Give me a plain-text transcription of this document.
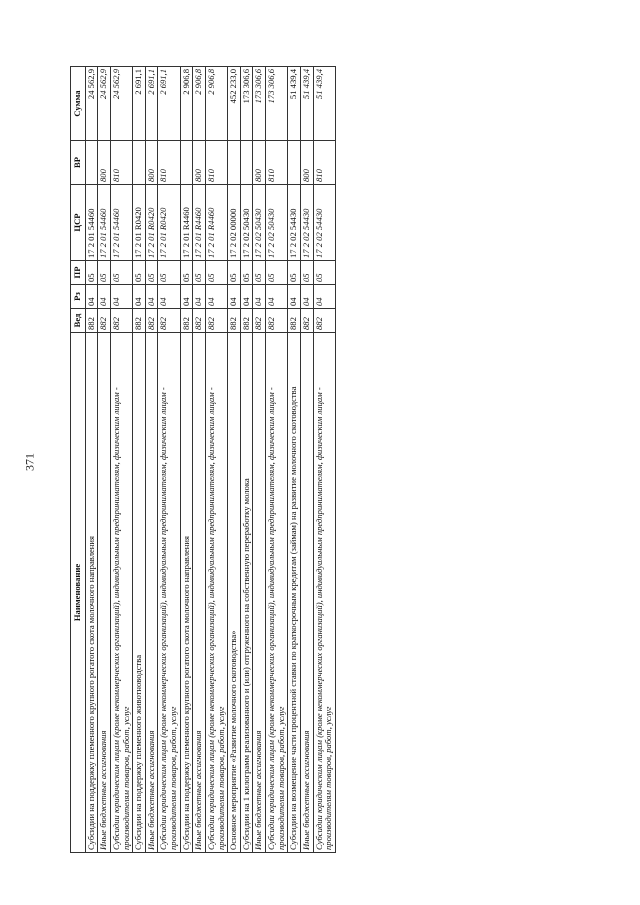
371
Наименование	Вед	Рз	ПР	ЦСР	ВР	Сумма
Субсидии на поддержку племенного крупного рогатого скота молочного направления	882	04	05	17 2 01 54460		24 562,9
Иные бюджетные ассигнования	882	04	05	17 2 01 54460	800	24 562,9
Субсидии юридическим лицам (кроме некоммерческих организаций), индивидуальным предпринимателям, физическим лицам - производителям товаров, работ, услуг	882	04	05	17 2 01 54460	810	24 562,9
Субсидии на поддержку племенного животноводства	882	04	05	17 2 01 R0420		2 691,1
Иные бюджетные ассигнования	882	04	05	17 2 01 R0420	800	2 691,1
Субсидии юридическим лицам (кроме некоммерческих организаций), индивидуальным предпринимателям, физическим лицам - производителям товаров, работ, услуг	882	04	05	17 2 01 R0420	810	2 691,1
Субсидии на поддержку племенного крупного рогатого скота молочного направления	882	04	05	17 2 01 R4460		2 906,8
Иные бюджетные ассигнования	882	04	05	17 2 01 R4460	800	2 906,8
Субсидии юридическим лицам (кроме некоммерческих организаций), индивидуальным предпринимателям, физическим лицам - производителям товаров, работ, услуг	882	04	05	17 2 01 R4460	810	2 906,8
Основное мероприятие «Развитие молочного скотоводства»	882	04	05	17 2 02 00000		452 233,0
Субсидии на 1 килограмм реализованного и (или) отгруженного на собственную переработку молока	882	04	05	17 2 02 50430		173 306,6
Иные бюджетные ассигнования	882	04	05	17 2 02 50430	800	173 306,6
Субсидии юридическим лицам (кроме некоммерческих организаций), индивидуальным предпринимателям, физическим лицам - производителям товаров, работ, услуг	882	04	05	17 2 02 50430	810	173 306,6
Субсидии на возмещение части процентной ставки по краткосрочным кредитам (займам) на развитие молочного скотоводства	882	04	05	17 2 02 54430		51 439,4
Иные бюджетные ассигнования	882	04	05	17 2 02 54430	800	51 439,4
Субсидии юридическим лицам (кроме некоммерческих организаций), индивидуальным предпринимателям, физическим лицам - производителям товаров, работ, услуг	882	04	05	17 2 02 54430	810	51 439,4
